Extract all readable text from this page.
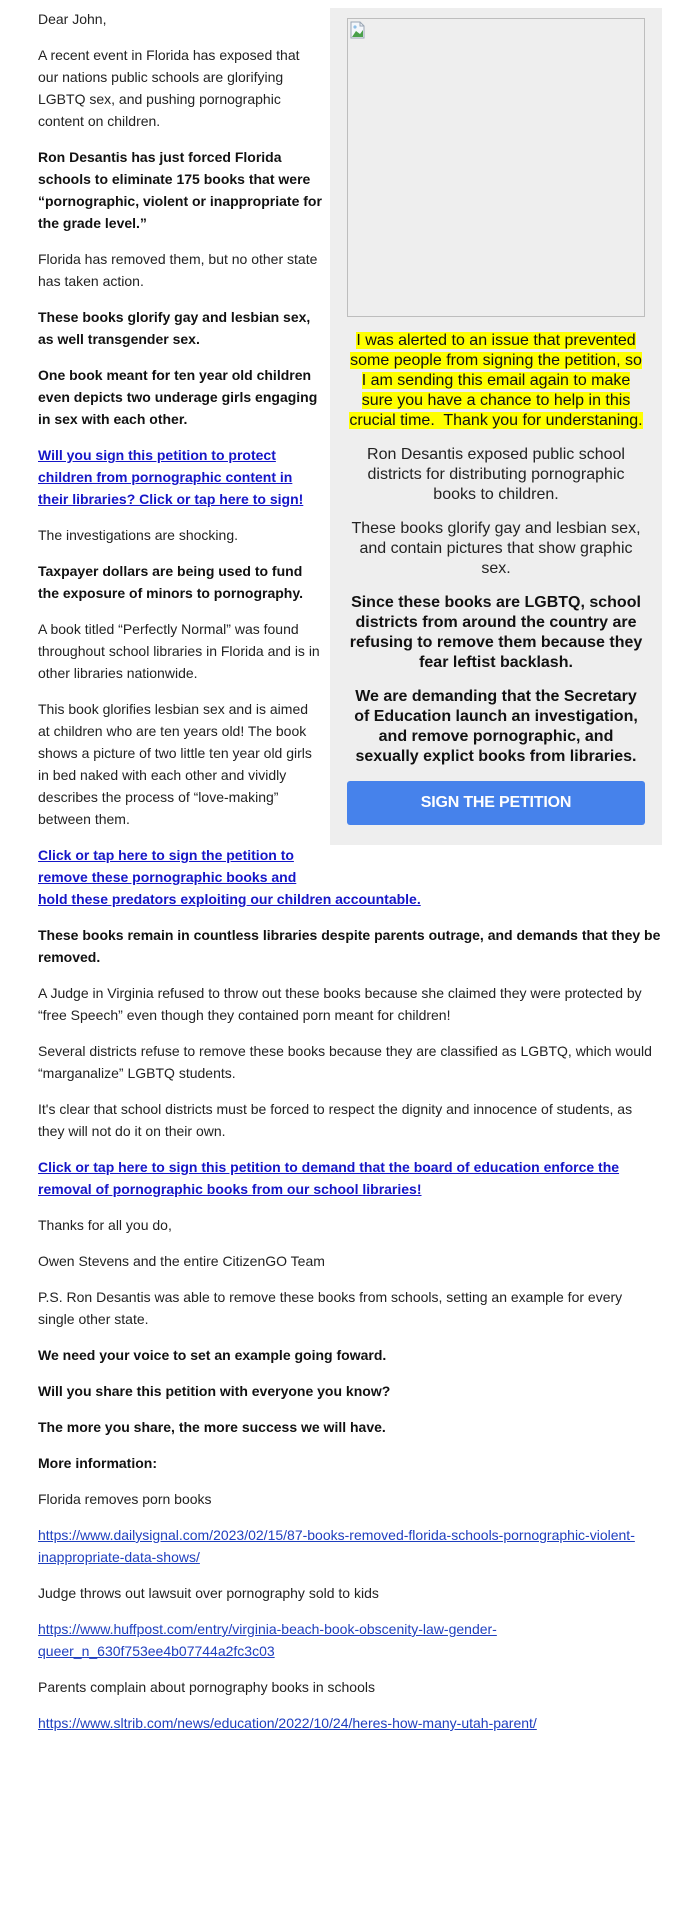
I was alerted to an issue that prevented some people from signing the petition, so I am sending this email again to make sure you have a chance to help in this crucial time.  Thank you for understaning.

Ron Desantis exposed public school districts for distributing pornographic books to children.

These books glorify gay and lesbian sex, and contain pictures that show graphic sex.

Since these books are LGBTQ, school districts from around the country are refusing to remove them because they fear leftist backlash.

We are demanding that the Secretary of Education launch an investigation, and remove pornographic, and sexually explict books from libraries.

SIGN THE PETITION

Dear John,

A recent event in Florida has exposed that our nations public schools are glorifying LGBTQ sex, and pushing pornographic content on children.

Ron Desantis has just forced Florida schools to eliminate 175 books that were “pornographic, violent or inappropriate for the grade level.”

Florida has removed them, but no other state has taken action.

These books glorify gay and lesbian sex, as well transgender sex.

One book meant for ten year old children even depicts two underage girls engaging in sex with each other.

Will you sign this petition to protect children from pornographic content in their libraries? Click or tap here to sign!

The investigations are shocking.

Taxpayer dollars are being used to fund the exposure of minors to pornography.

A book titled “Perfectly Normal” was found throughout school libraries in Florida and is in other libraries nationwide.

This book glorifies lesbian sex and is aimed at children who are ten years old! The book shows a picture of two little ten year old girls in bed naked with each other and vividly describes the process of “love-making” between them.

Click or tap here to sign the petition to
remove these pornographic books and
hold these predators exploiting our children accountable.

These books remain in countless libraries despite parents outrage, and demands that they be removed.

A Judge in Virginia refused to throw out these books because she claimed they were protected by “free Speech” even though they contained porn meant for children!

Several districts refuse to remove these books because they are classified as LGBTQ, which would “marganalize” LGBTQ students.

It's clear that school districts must be forced to respect the dignity and innocence of students, as they will not do it on their own.

Click or tap here to sign this petition to demand that the board of education enforce the removal of pornographic books from our school libraries!

Thanks for all you do,

Owen Stevens and the entire CitizenGO Team

P.S. Ron Desantis was able to remove these books from schools, setting an example for every single other state.

We need your voice to set an example going foward.

Will you share this petition with everyone you know?

The more you share, the more success we will have.

More information:

Florida removes porn books

https://www.dailysignal.com/2023/02/15/87-books-removed-florida-schools-pornographic-violent-inappropriate-data-shows/

Judge throws out lawsuit over pornography sold to kids

https://www.huffpost.com/entry/virginia-beach-book-obscenity-law-gender-queer_n_630f753ee4b07744a2fc3c03

Parents complain about pornography books in schools

https://www.sltrib.com/news/education/2022/10/24/heres-how-many-utah-parent/
